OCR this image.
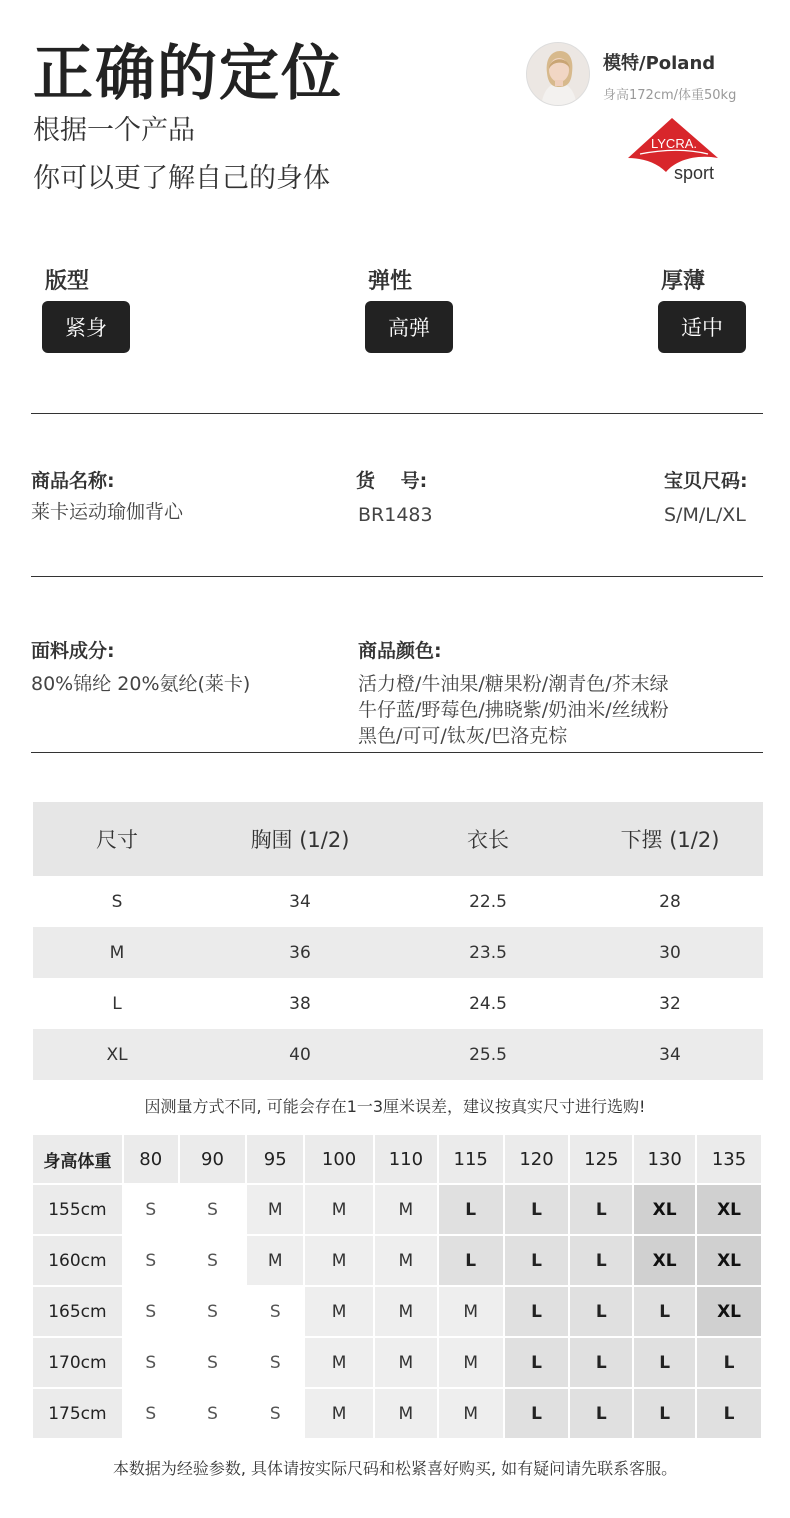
正确的定位
根据一个产品
你可以更了解自己的身体
模特/Poland
身高172cm/体重50kg
LYCRA.
sport
版型
紧身
弹性
高弹
厚薄
适中
商品名称:
莱卡运动瑜伽背心
货　 号:
BR1483
宝贝尺码:
S/M/L/XL
面料成分:
80%锦纶 20%氨纶(莱卡)
商品颜色:
活力橙/牛油果/糖果粉/潮青色/芥末绿
牛仔蓝/野莓色/拂晓紫/奶油米/丝绒粉
黑色/可可/钛灰/巴洛克棕
尺寸	胸围 (1/2)	衣长	下摆 (1/2)
S	34	22.5	28
M	36	23.5	30
L	38	24.5	32
XL	40	25.5	34
因测量方式不同, 可能会存在1一3厘米误差，建议按真实尺寸进行选购!
身高体重	80	90	95	100	110	115	120	125	130	135
155cm	S	S	M	M	M	L	L	L	XL	XL
160cm	S	S	M	M	M	L	L	L	XL	XL
165cm	S	S	S	M	M	M	L	L	L	XL
170cm	S	S	S	M	M	M	L	L	L	L
175cm	S	S	S	M	M	M	L	L	L	L
本数据为经验参数, 具体请按实际尺码和松紧喜好购买, 如有疑问请先联系客服。
